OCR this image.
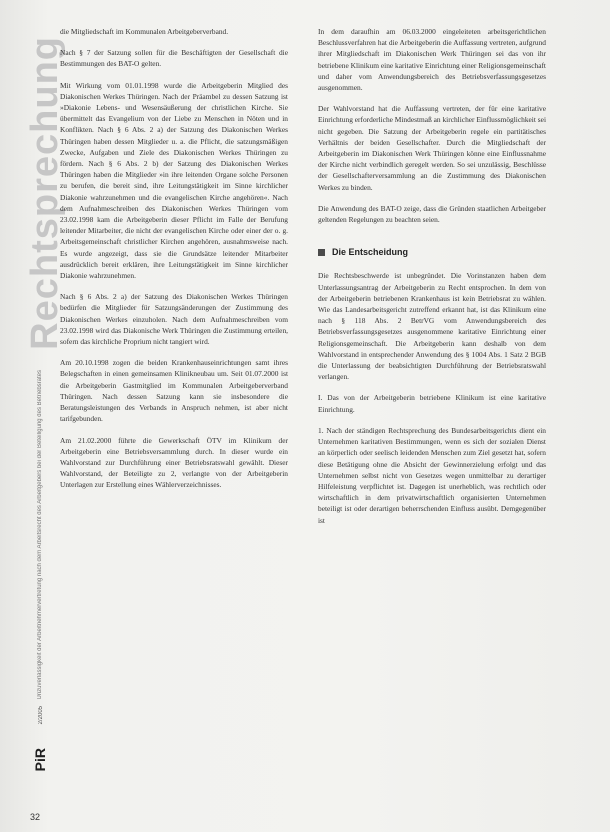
Rechtsprechung
Unzuverlässigkeit der Arbeitnehmervertretung nach dem Arbeitsrecht des Arbeitgebers bei der Beteiligung des Betriebsrates
2/2005
PiR
32

die Mitgliedschaft im Kommunalen Arbeitgeberverband.

Nach § 7 der Satzung sollen für die Beschäftigten der Gesellschaft die Bestimmungen des BAT-O gelten.

Mit Wirkung vom 01.01.1998 wurde die Arbeitgeberin Mitglied des Diakonischen Werkes Thüringen. Nach der Präambel zu dessen Satzung ist »Diakonie Lebens- und Wesensäußerung der christlichen Kirche. Sie übermittelt das Evangelium von der Liebe zu Menschen in Nöten und in Konflikten. Nach § 6 Abs. 2 a) der Satzung des Diakonischen Werkes Thüringen haben dessen Mitglieder u. a. die Pflicht, die satzungsmäßigen Zwecke, Aufgaben und Ziele des Diakonischen Werkes Thüringen zu fördern. Nach § 6 Abs. 2 b) der Satzung des Diakonischen Werkes Thüringen haben die Mitglieder »in ihre leitenden Organe solche Personen zu berufen, die bereit sind, ihre Leitungstätigkeit im Sinne kirchlicher Diakonie wahrzunehmen und die evangelischen Kirche angehören«. Nach dem Aufnahmeschreiben des Diakonischen Werkes Thüringen vom 23.02.1998 kam die Arbeitgeberin dieser Pflicht im Falle der Berufung leitender Mitarbeiter, die nicht der evangelischen Kirche oder einer der o. g. Arbeitsgemeinschaft christlicher Kirchen angehören, ausnahmsweise nach. Es wurde angezeigt, dass sie die Grundsätze leitender Mitarbeiter ausdrücklich bereit erklären, ihre Leitungstätigkeit im Sinne kirchlicher Diakonie wahrzunehmen.

Nach § 6 Abs. 2 a) der Satzung des Diakonischen Werkes Thüringen bedürfen die Mitglieder für Satzungsänderungen der Zustimmung des Diakonischen Werkes einzuholen. Nach dem Aufnahmeschreiben vom 23.02.1998 wird das Diakonische Werk Thüringen die Zustimmung erteilen, sofern das kirchliche Proprium nicht tangiert wird.

Am 20.10.1998 zogen die beiden Krankenhauseinrichtungen samt ihres Belegschaften in einen gemeinsamen Klinikneubau um. Seit 01.07.2000 ist die Arbeitgeberin Gastmitglied im Kommunalen Arbeitgeberverband Thüringen. Nach dessen Satzung kann sie insbesondere die Beratungsleistungen des Verbands in Anspruch nehmen, ist aber nicht tarifgebunden.

Am 21.02.2000 führte die Gewerkschaft ÖTV im Klinikum der Arbeitgeberin eine Betriebsversammlung durch. In dieser wurde ein Wahlvorstand zur Durchführung einer Betriebsratswahl gewählt. Dieser Wahlvorstand, der Beteiligte zu 2, verlangte von der Arbeitgeberin Unterlagen zur Erstellung eines Wählerverzeichnisses.

In dem daraufhin am 06.03.2000 eingeleiteten arbeitsgerichtlichen Beschlussverfahren hat die Arbeitgeberin die Auffassung vertreten, aufgrund ihrer Mitgliedschaft im Diakonischen Werk Thüringen sei das von ihr betriebene Klinikum eine karitative Einrichtung einer Religionsgemeinschaft und daher vom Anwendungsbereich des Betriebsverfassungsgesetzes ausgenommen.

Der Wahlvorstand hat die Auffassung vertreten, der für eine karitative Einrichtung erforderliche Mindestmaß an kirchlicher Einflussmöglichkeit sei nicht gegeben. Die Satzung der Arbeitgeberin regele ein partitätisches Verhältnis der beiden Gesellschafter. Durch die Mitgliedschaft der Arbeitgeberin im Diakonischen Werk Thüringen könne eine Einflussnahme der Kirche nicht verbindlich geregelt werden. So sei unzulässig, Beschlüsse der Gesellschafterversammlung an die Zustimmung des Diakonischen Werkes zu binden.

Die Anwendung des BAT-O zeige, dass die Gründen staatlichen Arbeitgeber geltenden Regelungen zu beachten seien.

Die Entscheidung

Die Rechtsbeschwerde ist unbegründet. Die Vorinstanzen haben dem Unterlassungsantrag der Arbeitgeberin zu Recht entsprochen. In dem von der Arbeitgeberin betriebenen Krankenhaus ist kein Betriebsrat zu wählen. Wie das Landesarbeitsgericht zutreffend erkannt hat, ist das Klinikum eine nach § 118 Abs. 2 BetrVG vom Anwendungsbereich des Betriebsverfassungsgesetzes ausgenommene karitative Einrichtung einer Religionsgemeinschaft. Die Arbeitgeberin kann deshalb von dem Wahlvorstand in entsprechender Anwendung des § 1004 Abs. 1 Satz 2 BGB die Unterlassung der beabsichtigten Durchführung der Betriebsratswahl verlangen.

I. Das von der Arbeitgeberin betriebene Klinikum ist eine karitative Einrichtung.

1. Nach der ständigen Rechtsprechung des Bundesarbeitsgerichts dient ein Unternehmen karitativen Bestimmungen, wenn es sich der sozialen Dienst an körperlich oder seelisch leidenden Menschen zum Ziel gesetzt hat, sofern diese Betätigung ohne die Absicht der Gewinnerzielung erfolgt und das Unternehmen selbst nicht von Gesetzes wegen unmittelbar zu derartiger Hilfeleistung verpflichtet ist. Dagegen ist unerheblich, was rechtlich oder wirtschaftlich in dem privatwirtschaftlich organisierten Unternehmen beteiligt ist oder derartigen beherrschenden Einfluss ausübt. Demgegenüber ist
